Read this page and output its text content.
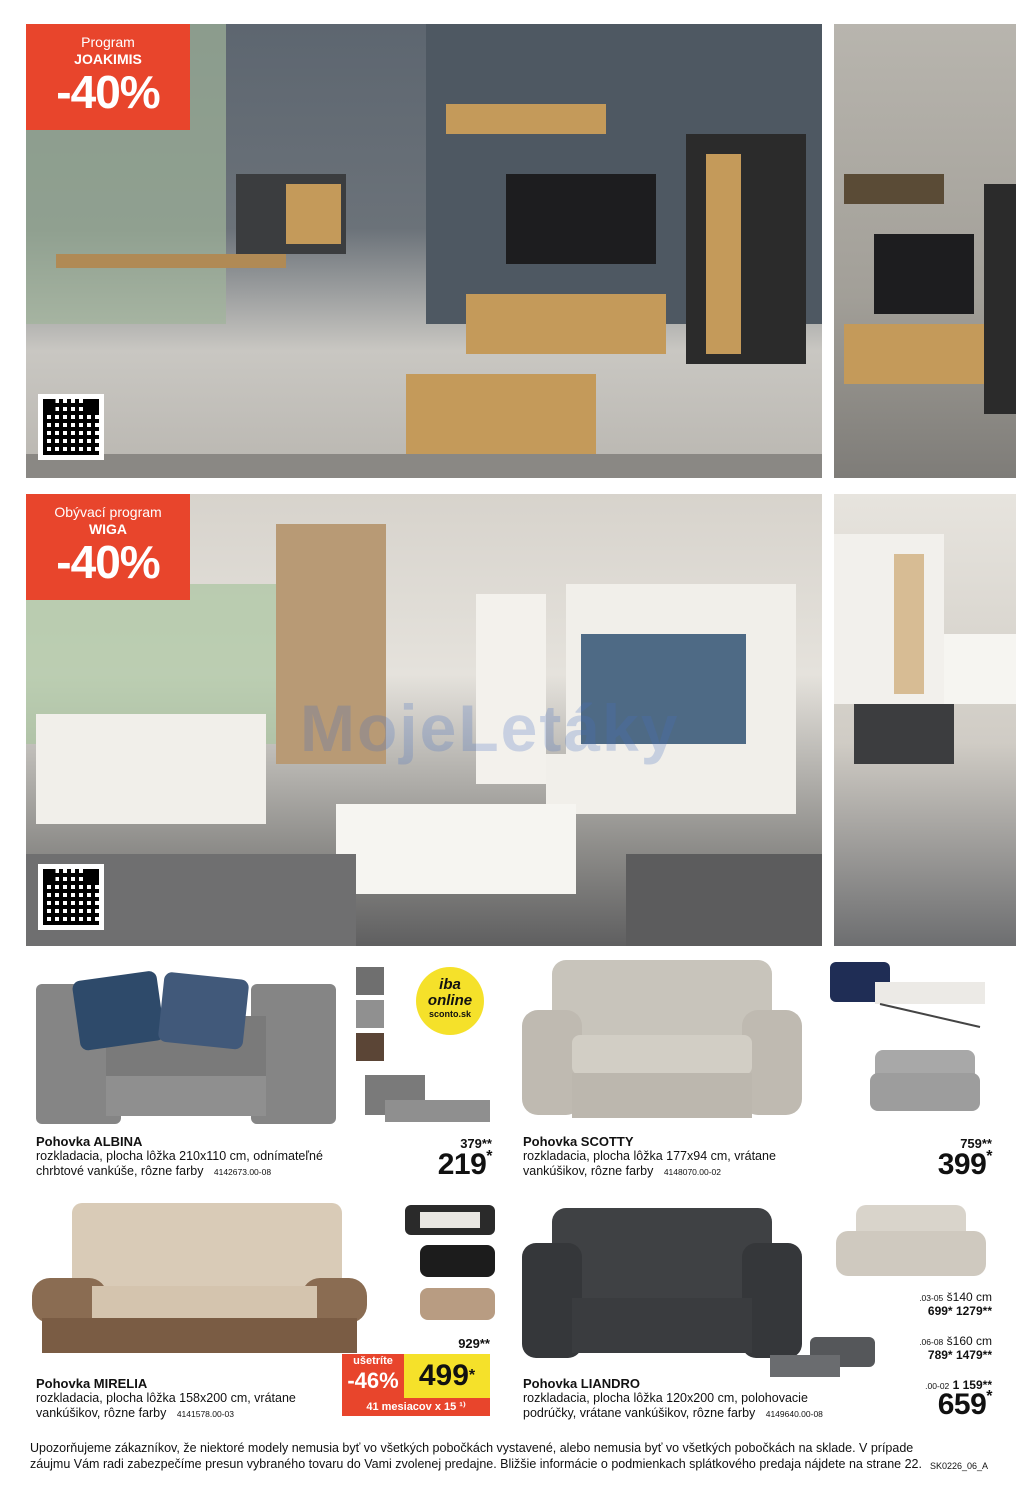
Program
JOAKIMIS
-40%
Obývací program
WIGA
-40%
MojeLetáky
iba
online
sconto.sk
Pohovka ALBINA
rozkladacia, plocha lôžka 210x110 cm, odnímateľné
chrbtové vankúše, rôzne farby 4142673.00-08
379**
219*
Pohovka SCOTTY
rozkladacia, plocha lôžka 177x94 cm, vrátane
vankúšikov, rôzne farby 4148070.00-02
759**
399*
Pohovka MIRELIA
rozkladacia, plocha lôžka 158x200 cm, vrátane
vankúšikov, rôzne farby 4141578.00-03
929**
ušetríte
-46% 499*
41 mesiacov x 15 ¹⁾
.03-05 š140 cm
699* 1279**
.06-08 š160 cm
789* 1479**
.00-02 1 159**
659*
Pohovka LIANDRO
rozkladacia, plocha lôžka 120x200 cm, polohovacie
podrúčky, vrátane vankúšikov, rôzne farby 4149640.00-08
Upozorňujeme zákazníkov, že niektoré modely nemusia byť vo všetkých pobočkách vystavené, alebo nemusia byť vo všetkých pobočkách na sklade. V prípade záujmu Vám radi zabezpečíme presun vybraného tovaru do Vami zvolenej predajne. Bližšie informácie o podmienkach splátkového predaja nájdete na strane 22. SK0226_06_A
